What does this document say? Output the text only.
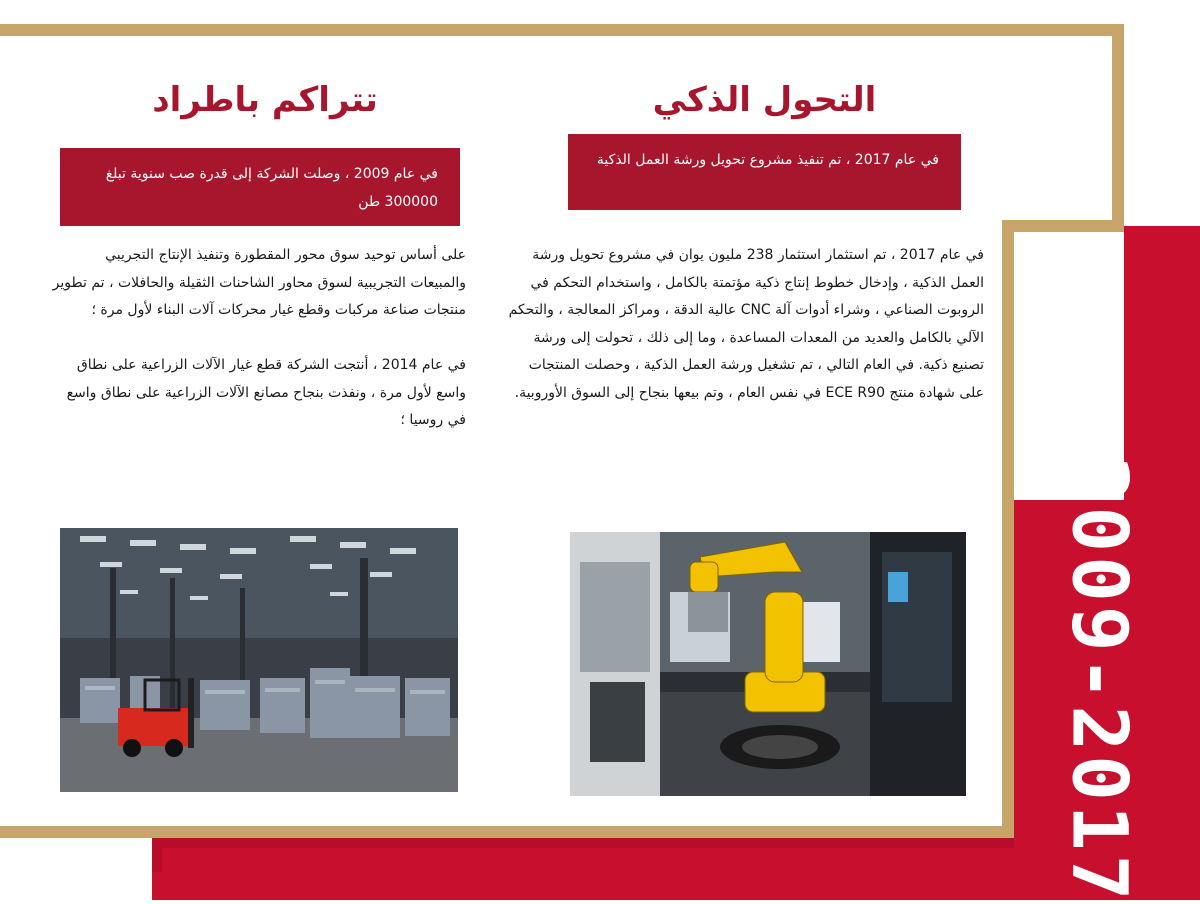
2009-2017
تتراكم باطراد
في عام 2009 ، وصلت الشركة إلى قدرة صب سنوية تبلغ 300000 طن

على أساس توحيد سوق محور المقطورة وتنفيذ الإنتاج التجريبي والمبيعات التجريبية لسوق محاور الشاحنات الثقيلة والحافلات ، تم تطوير منتجات صناعة مركبات وقطع غيار محركات آلات البناء لأول مرة ؛

في عام 2014 ، أنتجت الشركة قطع غيار الآلات الزراعية على نطاق واسع لأول مرة ، ونفذت بنجاح مصانع الآلات الزراعية على نطاق واسع في روسيا ؛

التحول الذكي
في عام 2017 ، تم تنفيذ مشروع تحويل ورشة العمل الذكية

في عام 2017 ، تم استثمار استثمار 238 مليون يوان في مشروع تحويل ورشة العمل الذكية ، وإدخال خطوط إنتاج ذكية مؤتمتة بالكامل ، واستخدام التحكم في الروبوت الصناعي ، وشراء أدوات آلة CNC عالية الدقة ، ومراكز المعالجة ، والتحكم الآلي بالكامل والعديد من المعدات المساعدة ، وما إلى ذلك ، تحولت إلى ورشة تصنيع ذكية. في العام التالي ، تم تشغيل ورشة العمل الذكية ، وحصلت المنتجات على شهادة منتج ECE R90 في نفس العام ، وتم بيعها بنجاح إلى السوق الأوروبية.
